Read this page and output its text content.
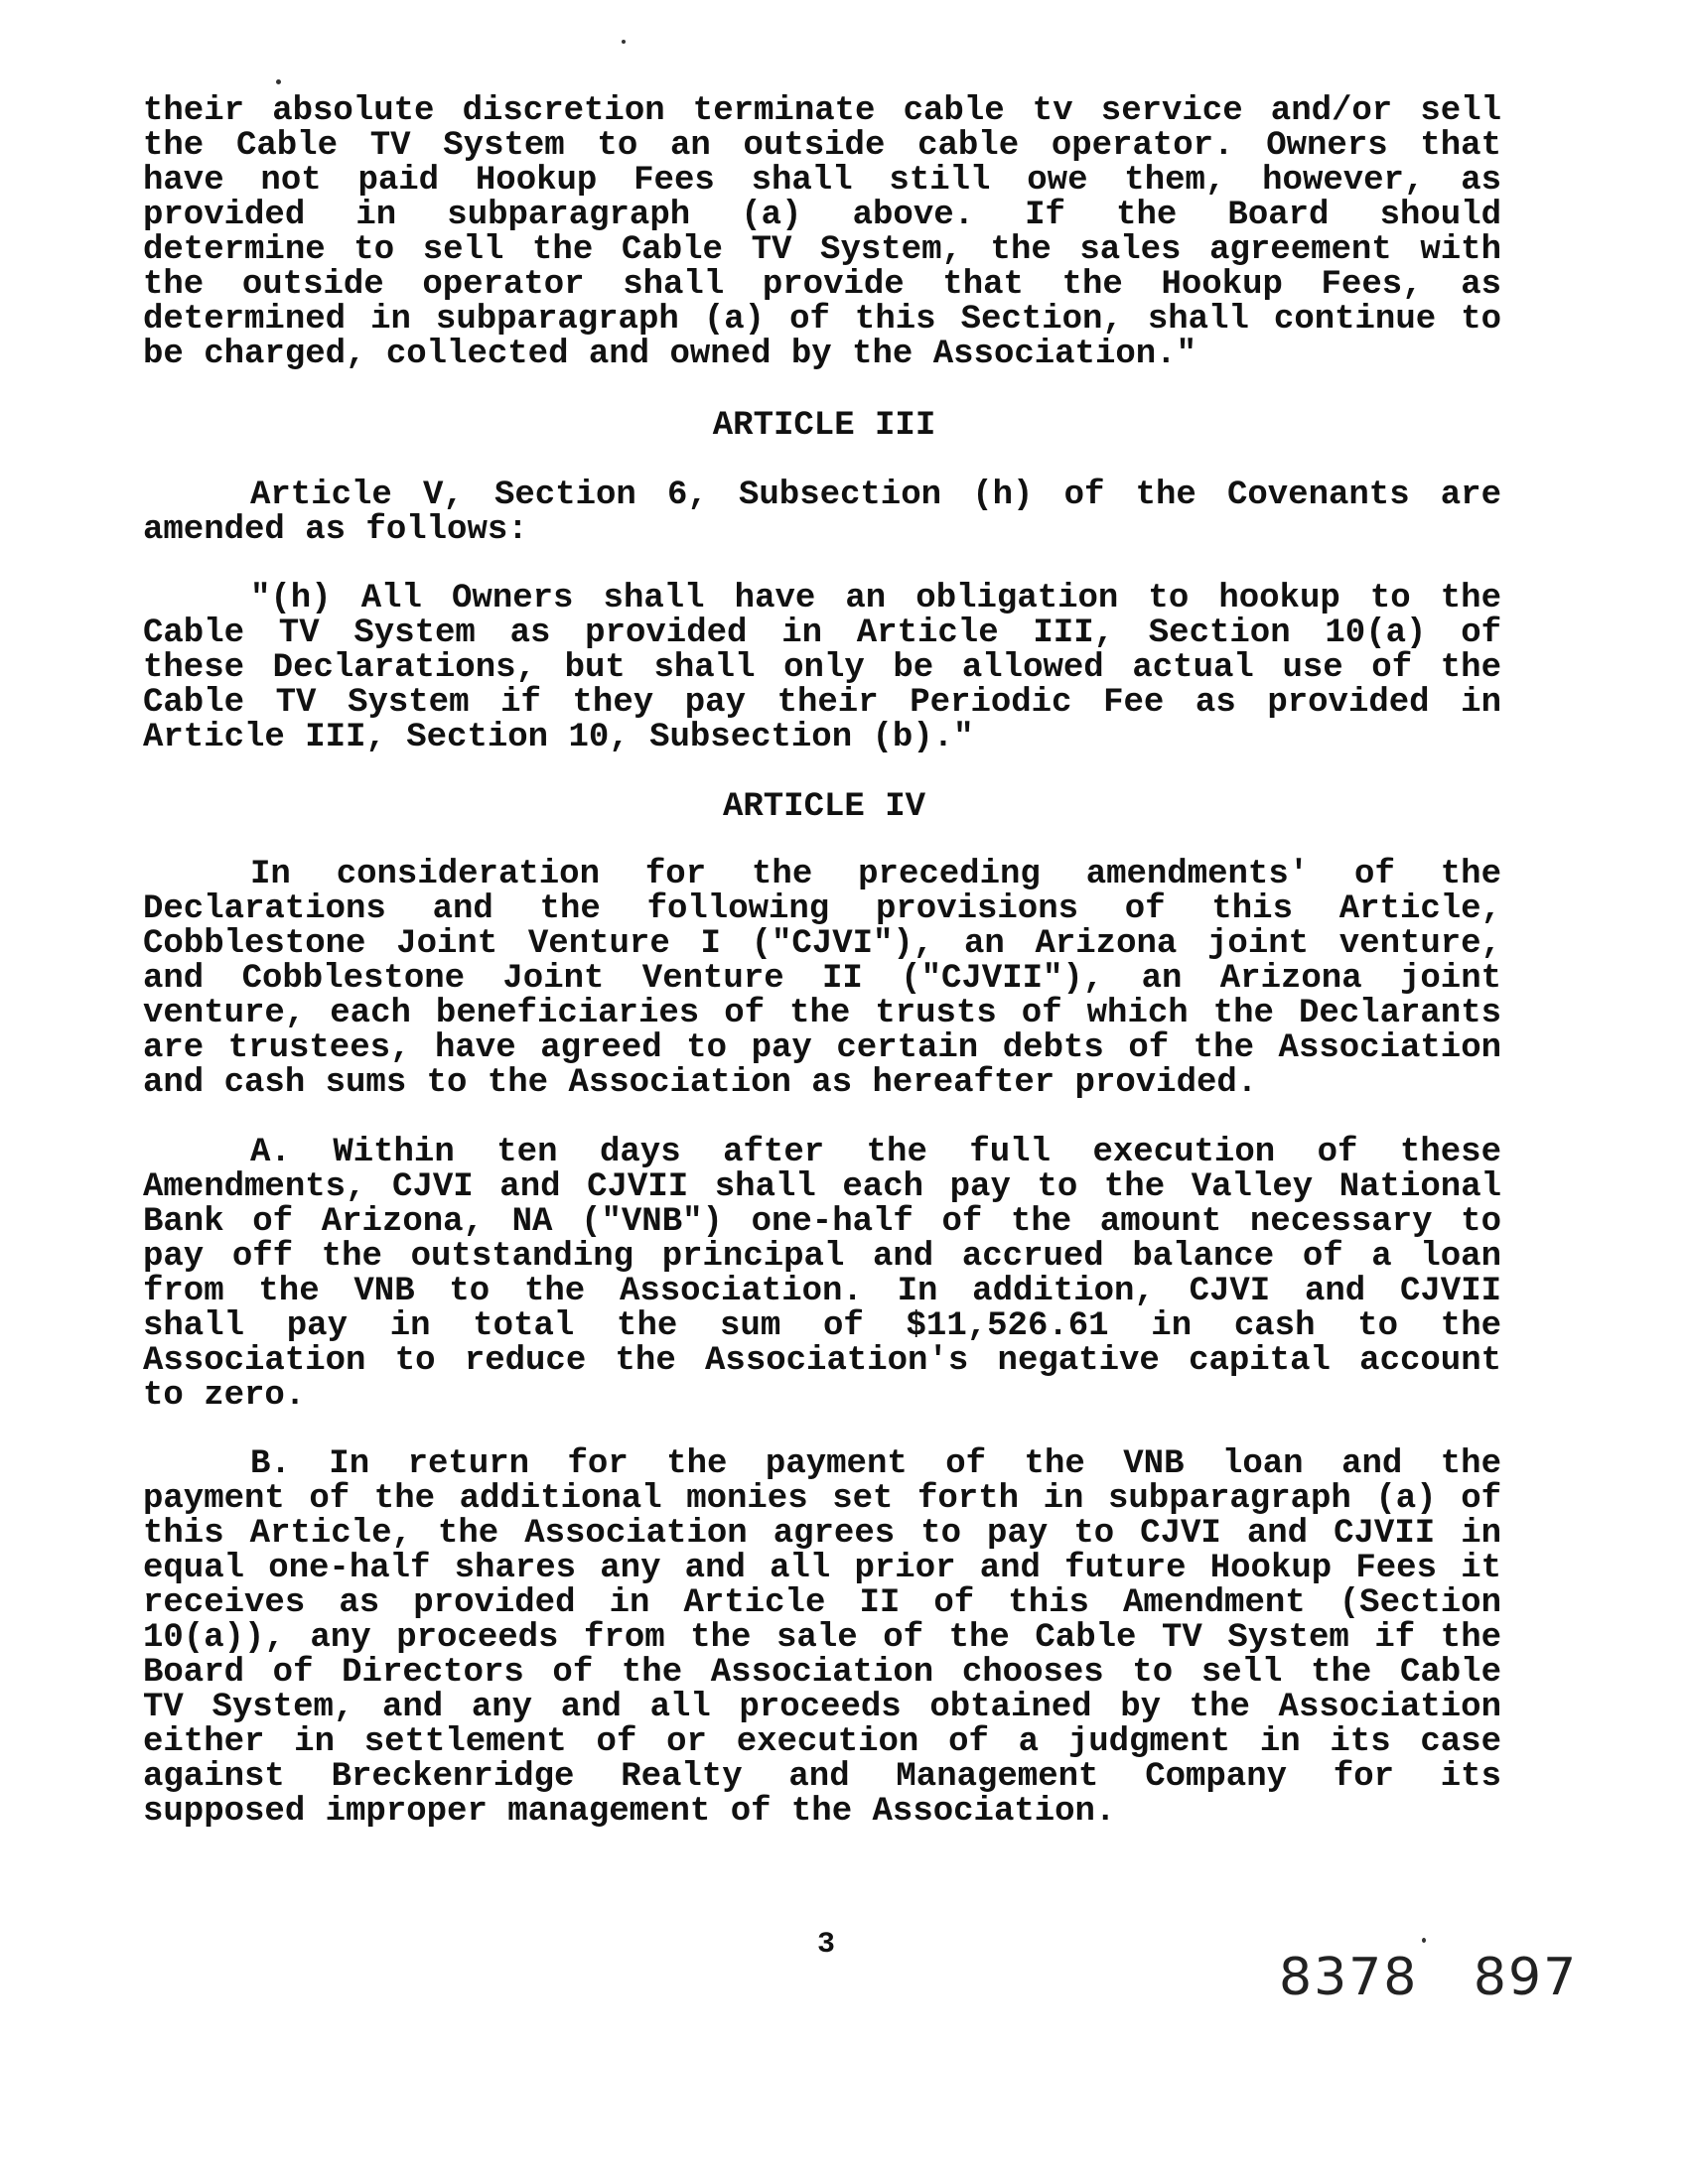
their absolute discretion terminate cable tv service and/or sell
the Cable TV System to an outside cable operator. Owners that
have not paid Hookup Fees shall still owe them, however, as
provided in subparagraph (a) above. If the Board should
determine to sell the Cable TV System, the sales agreement with
the outside operator shall provide that the Hookup Fees, as
determined in subparagraph (a) of this Section, shall continue to
be charged, collected and owned by the Association."
ARTICLE III
Article V, Section 6, Subsection (h) of the Covenants are
amended as follows:
"(h) All Owners shall have an obligation to hookup to the
Cable TV System as provided in Article III, Section 10(a) of
these Declarations, but shall only be allowed actual use of the
Cable TV System if they pay their Periodic Fee as provided in
Article III, Section 10, Subsection (b)."
ARTICLE IV
In consideration for the preceding amendments' of the
Declarations and the following provisions of this Article,
Cobblestone Joint Venture I ("CJVI"), an Arizona joint venture,
and Cobblestone Joint Venture II ("CJVII"), an Arizona joint
venture, each beneficiaries of the trusts of which the Declarants
are trustees, have agreed to pay certain debts of the Association
and cash sums to the Association as hereafter provided.
A. Within ten days after the full execution of these
Amendments, CJVI and CJVII shall each pay to the Valley National
Bank of Arizona, NA ("VNB") one-half of the amount necessary to
pay off the outstanding principal and accrued balance of a loan
from the VNB to the Association. In addition, CJVI and CJVII
shall pay in total the sum of $11,526.61 in cash to the
Association to reduce the Association's negative capital account
to zero.
B. In return for the payment of the VNB loan and the
payment of the additional monies set forth in subparagraph (a) of
this Article, the Association agrees to pay to CJVI and CJVII in
equal one-half shares any and all prior and future Hookup Fees it
receives as provided in Article II of this Amendment (Section
10(a)), any proceeds from the sale of the Cable TV System if the
Board of Directors of the Association chooses to sell the Cable
TV System, and any and all proceeds obtained by the Association
either in settlement of or execution of a judgment in its case
against Breckenridge Realty and Management Company for its
supposed improper management of the Association.
3
8378   897
